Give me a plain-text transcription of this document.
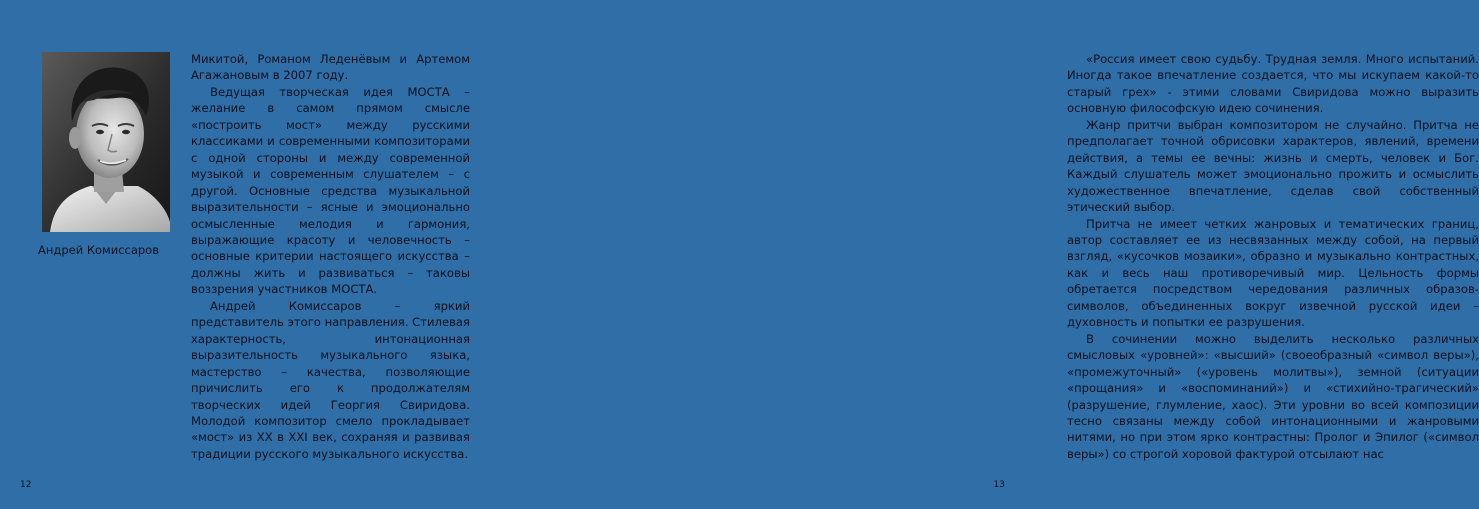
Андрей Комиссаров

Микитой, Романом Леденёвым и Артемом Агажановым в 2007 году.

Ведущая творческая идея МОСТА – желание в самом прямом смысле «построить мост» между русскими классиками и современными композиторами с одной стороны и между современной музыкой и современным слушателем – с другой. Основные средства музыкальной выразительности – ясные и эмоционально осмысленные мелодия и гармония, выражающие красоту и человечность – основные критерии настоящего искусства – должны жить и развиваться – таковы воззрения участников МОСТА.

Андрей Комиссаров – яркий представитель этого направления. Стилевая характерность, интонационная выразительность музыкального языка, мастерство – качества, позволяющие причислить его к продолжателям творческих идей Георгия Свиридова. Молодой композитор смело прокладывает «мост» из XX в XXI век, сохраняя и развивая традиции русского музыкального искусства.

12

«Россия имеет свою судьбу. Трудная земля. Много испытаний. Иногда такое впечатление создается, что мы искупаем какой-то старый грех» - этими словами Свиридова можно выразить основную философскую идею сочинения.

Жанр притчи выбран композитором не случайно. Притча не предполагает точной обрисовки характеров, явлений, времени действия, а темы ее вечны: жизнь и смерть, человек и Бог. Каждый слушатель может эмоционально прожить и осмыслить художественное впечатление, сделав свой собственный этический выбор.

Притча не имеет четких жанровых и тематических границ, автор составляет ее из несвязанных между собой, на первый взгляд, «кусочков мозаики», образно и музыкально контрастных, как и весь наш противоречивый мир. Цельность формы обретается посредством чередования различных образов-символов, объединенных вокруг извечной русской идеи – духовность и попытки ее разрушения.

В сочинении можно выделить несколько различных смысловых «уровней»: «высший» (своеобразный «символ веры»), «промежуточный» («уровень молитвы»), земной (ситуации «прощания» и «воспоминаний») и «стихийно-трагический» (разрушение, глумление, хаос). Эти уровни во всей композиции тесно связаны между собой интонационными и жанровыми нитями, но при этом ярко контрастны: Пролог и Эпилог («символ веры») со строгой хоровой фактурой отсылают нас

13
